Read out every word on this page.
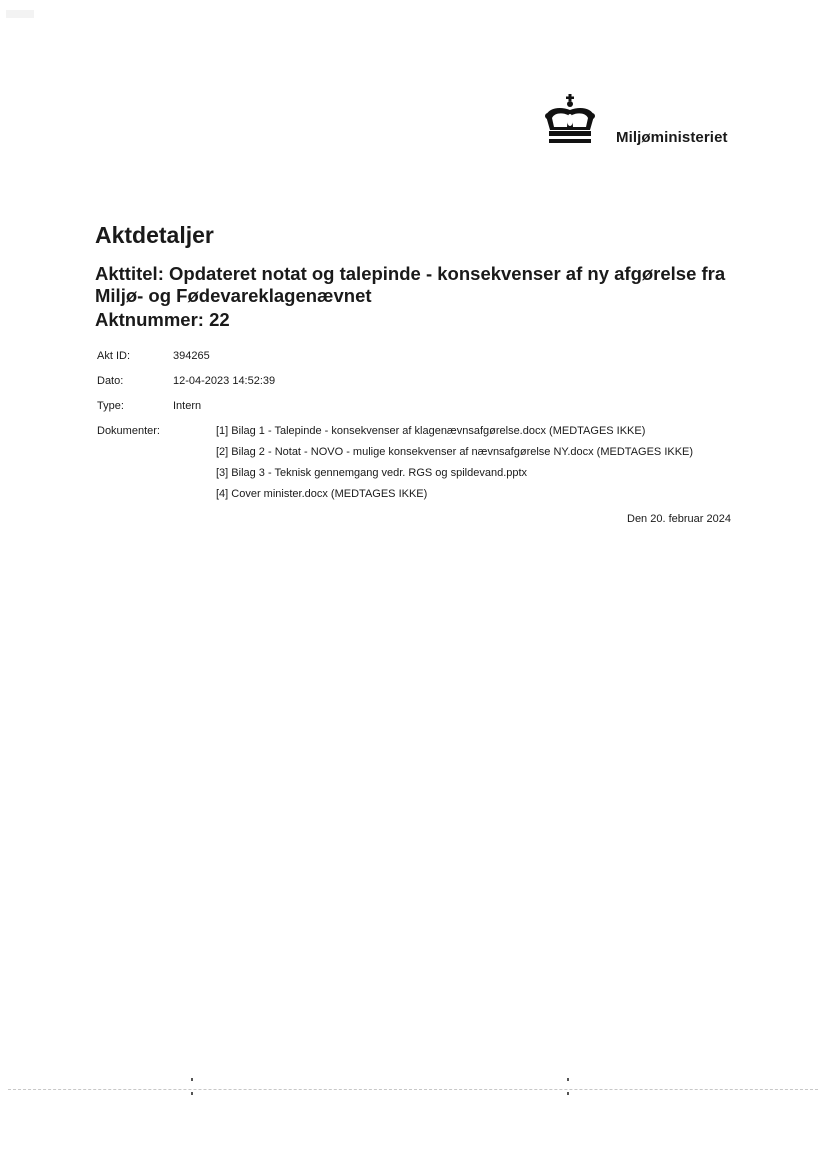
Miljøministeriet
Aktdetaljer
Akttitel: Opdateret notat og talepinde - konsekvenser af ny afgørelse fra Miljø- og Fødevareklagenævnet
Aktnummer: 22
Akt ID:	394265
Dato:	12-04-2023 14:52:39
Type:	Intern
Dokumenter:	[1] Bilag 1 - Talepinde - konsekvenser af klagenævnsafgørelse.docx (MEDTAGES IKKE)
[2] Bilag 2 - Notat - NOVO - mulige konsekvenser af nævnsafgørelse NY.docx (MEDTAGES IKKE)
[3] Bilag 3 - Teknisk gennemgang vedr. RGS og spildevand.pptx
[4] Cover minister.docx (MEDTAGES IKKE)
Den 20. februar 2024
